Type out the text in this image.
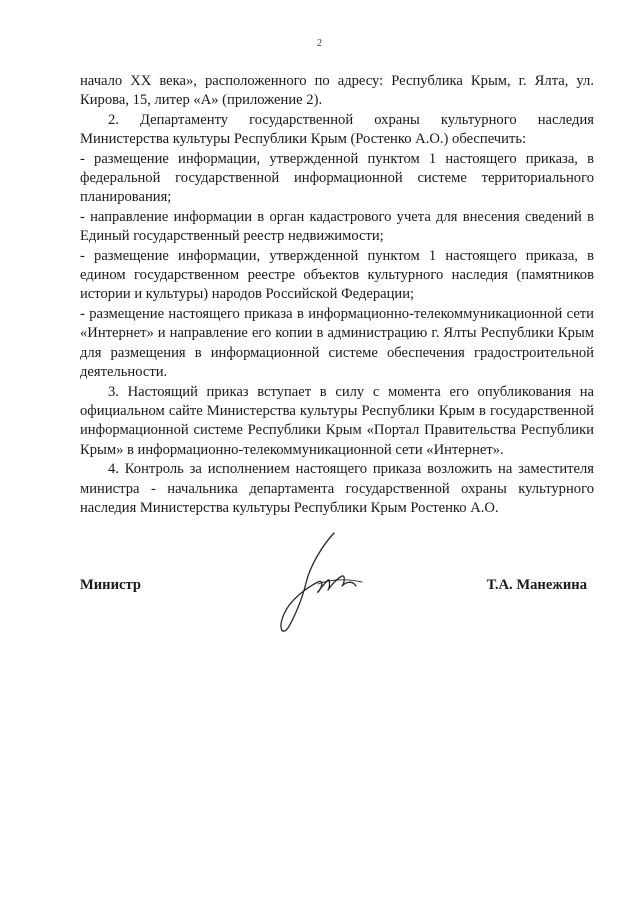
2

начало XX века», расположенного по адресу: Республика Крым, г. Ялта, ул. Кирова, 15, литер «А» (приложение 2).

2. Департаменту государственной охраны культурного наследия Министерства культуры Республики Крым (Ростенко А.О.) обеспечить:

- размещение информации, утвержденной пунктом 1 настоящего приказа, в федеральной государственной информационной системе территориального планирования;

- направление информации в орган кадастрового учета для внесения сведений в Единый государственный реестр недвижимости;

- размещение информации, утвержденной пунктом 1 настоящего приказа, в едином государственном реестре объектов культурного наследия (памятников истории и культуры) народов Российской Федерации;

- размещение настоящего приказа в информационно-телекоммуникационной сети «Интернет» и направление его копии в администрацию г. Ялты Республики Крым для размещения в информационной системе обеспечения градостроительной деятельности.

3. Настоящий приказ вступает в силу с момента его опубликования на официальном сайте Министерства культуры Республики Крым в государственной информационной системе Республики Крым «Портал Правительства Республики Крым» в информационно-телекоммуникационной сети «Интернет».

4. Контроль за исполнением настоящего приказа возложить на заместителя министра - начальника департамента государственной охраны культурного наследия Министерства культуры Республики Крым Ростенко А.О.

Министр	Т.А. Манежина
